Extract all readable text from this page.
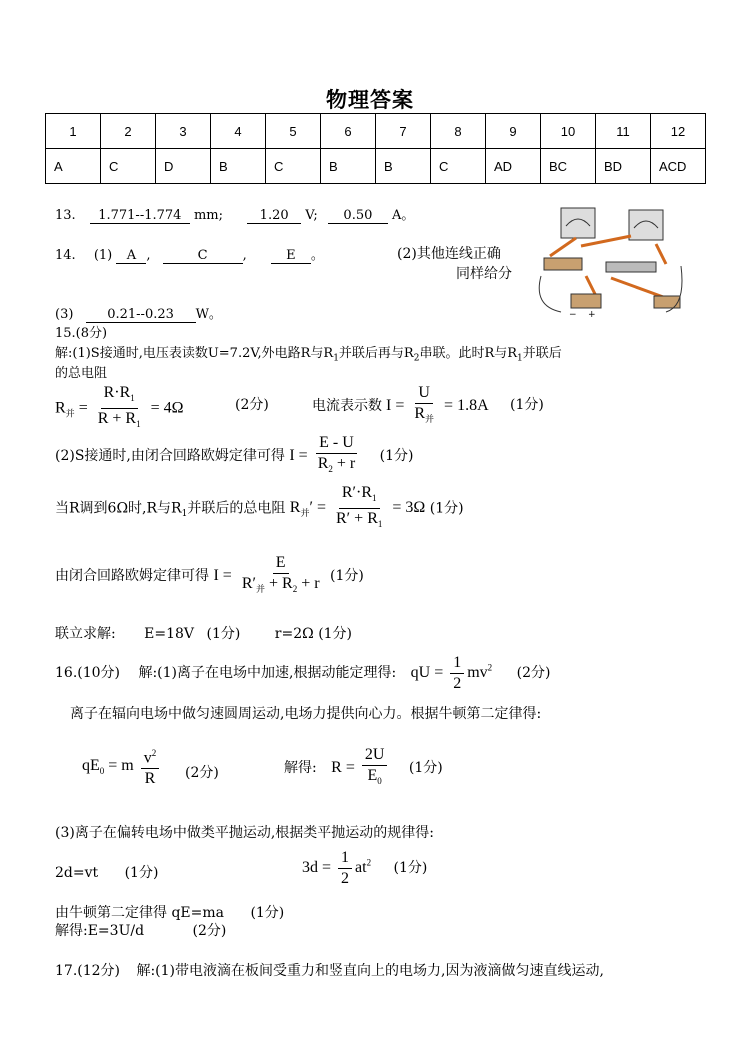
物理答案
1	2	3	4	5	6	7	8	9	10	11	12
A	C	D	B	C	B	B	C	AD	BC	BD	ACD
13. 1.771--1.774 mm;	1.20 V; 0.50 A。
14. (1) A ,	C	,	E 。	(2)其他连线正确
同样给分
− +
(3)	0.21--0.23 W。
15.(8分)
解:(1)S接通时,电压表读数U=7.2V,外电路R与$R_1$并联后再与$R_2$串联。此时R与$R_1$并联后
的总电阻
$R_并 = \frac{R\cdot R_1}{R + R_1} = 4\Omega$	(2分)	电流表示数 $I = \frac{U}{R_并} = 1.8A$ (1分)
(2)S接通时,由闭合回路欧姆定律可得 $I = \frac{E - U}{R_2 + r} (1$分)
当R调到6Ω时,R与$R_1$并联后的总电阻 $R_并' = \frac{R'\cdot R_1}{R' + R_1} = 3\Omega$ (1分)
由闭合回路欧姆定律可得 $I = \frac{E}{R'_并 + R_2 + r} (1$分)
联立求解: E=18V (1分) r=2Ω (1分)
16.(10分) 解:(1)离子在电场中加速,根据动能定理得: qU = $\frac{1}{2} mv^2$ (2分)
离子在辐向电场中做匀速圆周运动,电场力提供向心力。根据牛顿第二定律得:
$qE_0 = m \frac{v^2}{R} (2$分)	解得: $R = \frac{2U}{E_0} (1$分)
(3)离子在偏转电场中做类平抛运动,根据类平抛运动的规律得:
2d=vt (1分)	$3d = \frac{1}{2} at^2$ (1分)
由牛顿第二定律得 qE=ma (1分)
解得:E=3U/d	(2分)
17.(12分) 解:(1)带电液滴在板间受重力和竖直向上的电场力,因为液滴做匀速直线运动,
